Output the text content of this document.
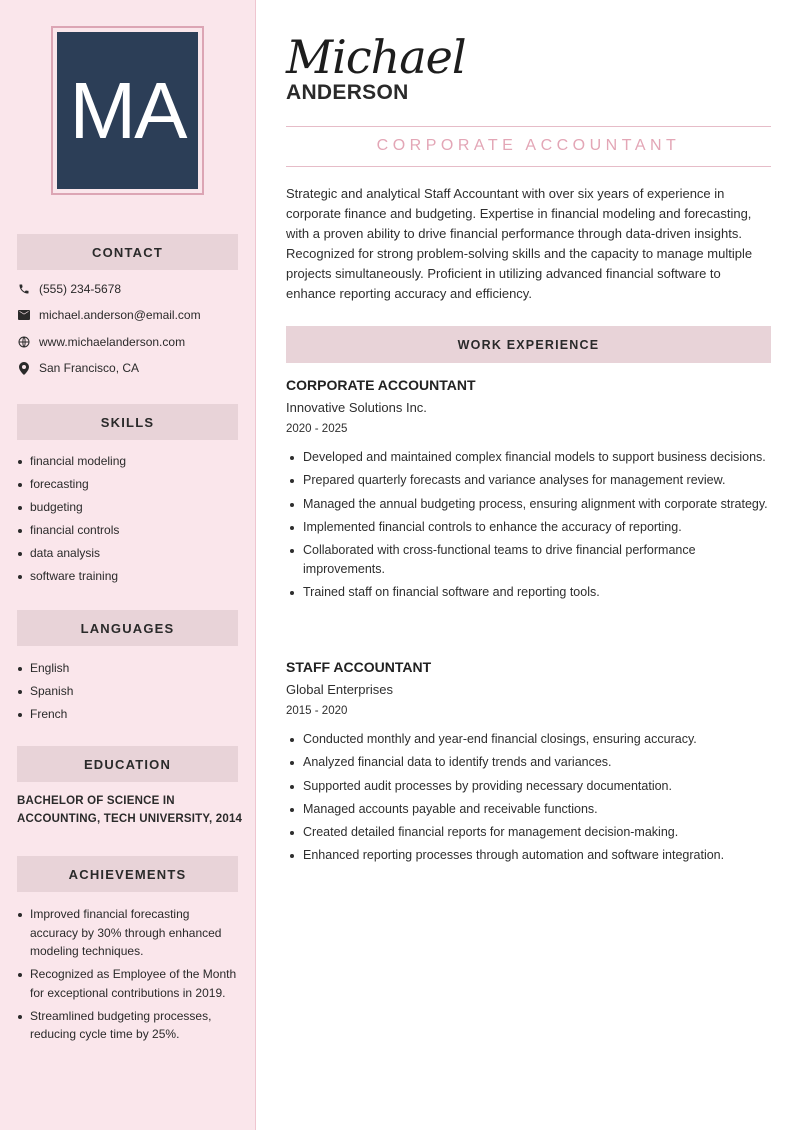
MA
CONTACT
(555) 234-5678
michael.anderson@email.com
www.michaelanderson.com
San Francisco, CA
SKILLS
financial modeling
forecasting
budgeting
financial controls
data analysis
software training
LANGUAGES
English
Spanish
French
EDUCATION
BACHELOR OF SCIENCE IN ACCOUNTING, TECH UNIVERSITY, 2014
ACHIEVEMENTS
Improved financial forecasting accuracy by 30% through enhanced modeling techniques.
Recognized as Employee of the Month for exceptional contributions in 2019.
Streamlined budgeting processes, reducing cycle time by 25%.
Michael
ANDERSON
CORPORATE ACCOUNTANT

Strategic and analytical Staff Accountant with over six years of experience in corporate finance and budgeting. Expertise in financial modeling and forecasting, with a proven ability to drive financial performance through data-driven insights. Recognized for strong problem-solving skills and the capacity to manage multiple projects simultaneously. Proficient in utilizing advanced financial software to enhance reporting accuracy and efficiency.

WORK EXPERIENCE
CORPORATE ACCOUNTANT
Innovative Solutions Inc.
2020 - 2025
Developed and maintained complex financial models to support business decisions.
Prepared quarterly forecasts and variance analyses for management review.
Managed the annual budgeting process, ensuring alignment with corporate strategy.
Implemented financial controls to enhance the accuracy of reporting.
Collaborated with cross-functional teams to drive financial performance improvements.
Trained staff on financial software and reporting tools.
STAFF ACCOUNTANT
Global Enterprises
2015 - 2020
Conducted monthly and year-end financial closings, ensuring accuracy.
Analyzed financial data to identify trends and variances.
Supported audit processes by providing necessary documentation.
Managed accounts payable and receivable functions.
Created detailed financial reports for management decision-making.
Enhanced reporting processes through automation and software integration.
